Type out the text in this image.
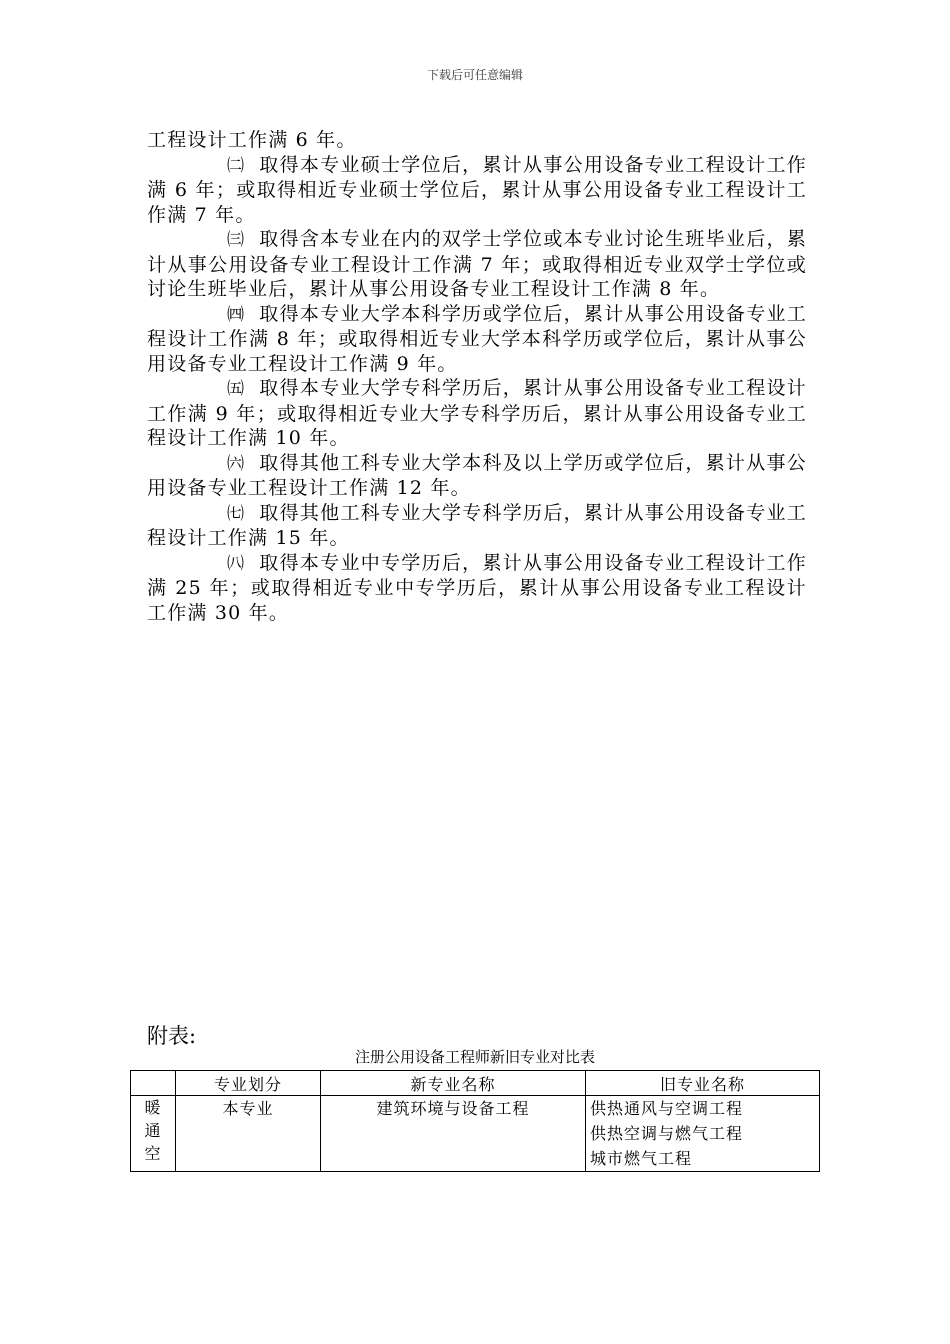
下载后可任意编辑

工程设计工作满 6 年。

㈡ 取得本专业硕士学位后，累计从事公用设备专业工程设计工作满 6 年；或取得相近专业硕士学位后，累计从事公用设备专业工程设计工作满 7 年。

㈢ 取得含本专业在内的双学士学位或本专业讨论生班毕业后，累计从事公用设备专业工程设计工作满 7 年；或取得相近专业双学士学位或讨论生班毕业后，累计从事公用设备专业工程设计工作满 8 年。

㈣ 取得本专业大学本科学历或学位后，累计从事公用设备专业工程设计工作满 8 年；或取得相近专业大学本科学历或学位后，累计从事公用设备专业工程设计工作满 9 年。

㈤ 取得本专业大学专科学历后，累计从事公用设备专业工程设计工作满 9 年；或取得相近专业大学专科学历后，累计从事公用设备专业工程设计工作满 10 年。

㈥ 取得其他工科专业大学本科及以上学历或学位后，累计从事公用设备专业工程设计工作满 12 年。

㈦ 取得其他工科专业大学专科学历后，累计从事公用设备专业工程设计工作满 15 年。

㈧ 取得本专业中专学历后，累计从事公用设备专业工程设计工作满 25 年；或取得相近专业中专学历后，累计从事公用设备专业工程设计工作满 30 年。

附表:
注册公用设备工程师新旧专业对比表
	专业划分	新专业名称	旧专业名称

暖
通
空	本专业	建筑环境与设备工程	供热通风与空调工程
供热空调与燃气工程
城市燃气工程
